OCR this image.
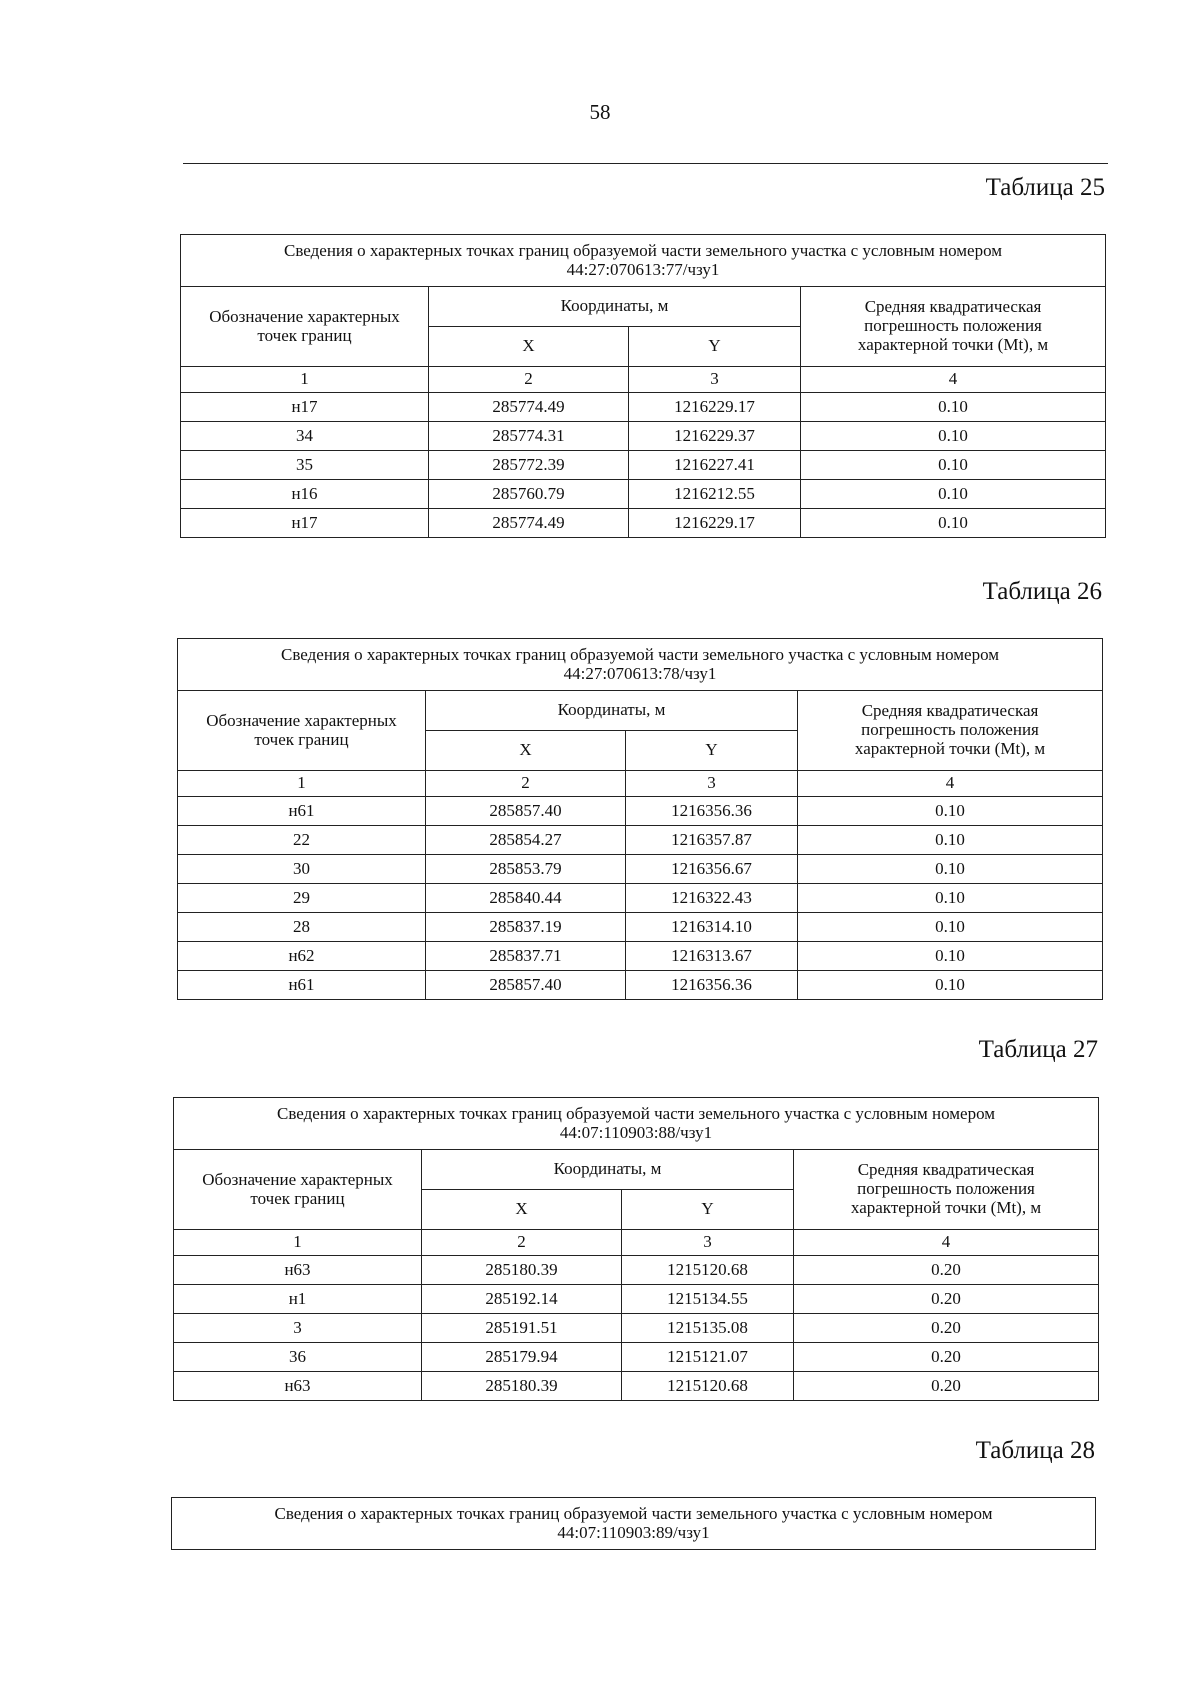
58
Таблица 25
Сведения о характерных точках границ образуемой части земельного участка с условным номером
44:27:070613:77/чзу1			

Обозначение характерных
точек границ	Координаты, м		Средняя квадратическая
погрешность положения
характерной точки (Mt), м

	X	Y	
1	2	3	4
н17	285774.49	1216229.17	0.10
34	285774.31	1216229.37	0.10
35	285772.39	1216227.41	0.10
н16	285760.79	1216212.55	0.10
н17	285774.49	1216229.17	0.10
Таблица 26
Сведения о характерных точках границ образуемой части земельного участка с условным номером
44:27:070613:78/чзу1			

Обозначение характерных
точек границ	Координаты, м		Средняя квадратическая
погрешность положения
характерной точки (Mt), м

	X	Y	
1	2	3	4
н61	285857.40	1216356.36	0.10
22	285854.27	1216357.87	0.10
30	285853.79	1216356.67	0.10
29	285840.44	1216322.43	0.10
28	285837.19	1216314.10	0.10
н62	285837.71	1216313.67	0.10
н61	285857.40	1216356.36	0.10
Таблица 27
Сведения о характерных точках границ образуемой части земельного участка с условным номером
44:07:110903:88/чзу1			

Обозначение характерных
точек границ	Координаты, м		Средняя квадратическая
погрешность положения
характерной точки (Mt), м

	X	Y	
1	2	3	4
н63	285180.39	1215120.68	0.20
н1	285192.14	1215134.55	0.20
3	285191.51	1215135.08	0.20
36	285179.94	1215121.07	0.20
н63	285180.39	1215120.68	0.20
Таблица 28
Сведения о характерных точках границ образуемой части земельного участка с условным номером
44:07:110903:89/чзу1
